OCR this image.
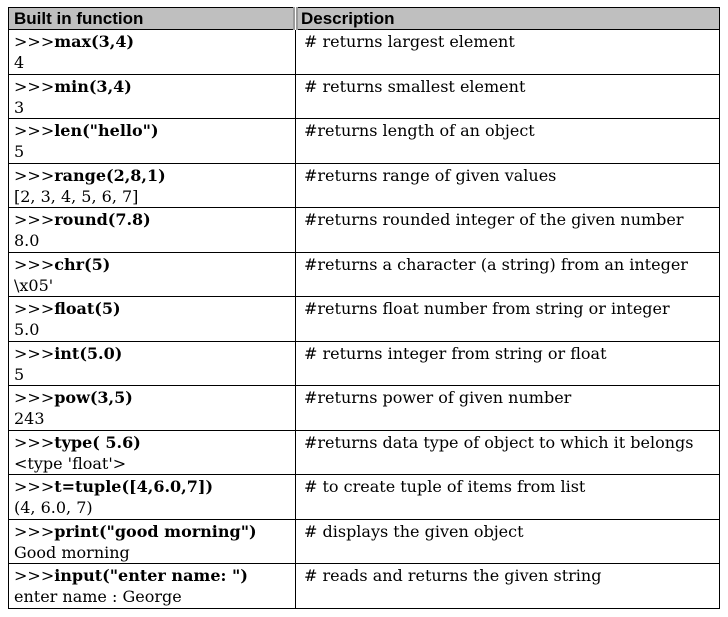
Built in function	Description

>>>max(3,4)
4	# returns largest element

>>>min(3,4)
3	# returns smallest element

>>>len("hello")
5	#returns length of an object

>>>range(2,8,1)
[2, 3, 4, 5, 6, 7]	#returns range of given values

>>>round(7.8)
8.0	#returns rounded integer of the given number

>>>chr(5)
\x05'	#returns a character (a string) from an integer

>>>float(5)
5.0	#returns float number from string or integer

>>>int(5.0)
5	# returns integer from string or float

>>>pow(3,5)
243	#returns power of given number

>>>type( 5.6)
<type 'float'>	#returns data type of object to which it belongs

>>>t=tuple([4,6.0,7])
(4, 6.0, 7)	# to create tuple of items from list

>>>print("good morning")
Good morning	# displays the given object

>>>input("enter name: ")
enter name : George	# reads and returns the given string
